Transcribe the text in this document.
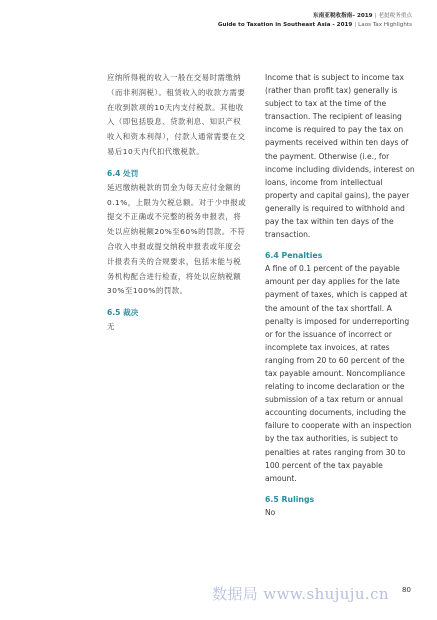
东南亚税收指南– 2019 | 老挝税务重点
Guide to Taxation in Southeast Asia - 2019 | Laos Tax Highlights

应纳所得税的收入一般在交易时需缴纳（而非利润税）。租赁收入的收款方需要在收到款项的10天内支付税款。其他收入（即包括股息、贷款利息、知识产权收入和资本利得），付款人通常需要在交易后10天内代扣代缴税款。

6.4 处罚

延迟缴纳税款的罚金为每天应付金额的0.1%，上限为欠税总额。对于少申报或提交不正确或不完整的税务申报表，将处以应纳税额20%至60%的罚款。不符合收入申报或提交纳税申报表或年度会计报表有关的合规要求，包括未能与税务机构配合进行检查，将处以应纳税额30%至100%的罚款。

6.5 裁决

无

Income that is subject to income tax (rather than profit tax) generally is subject to tax at the time of the transaction. The recipient of leasing income is required to pay the tax on payments received within ten days of the payment. Otherwise (i.e., for income including dividends, interest on loans, income from intellectual property and capital gains), the payer generally is required to withhold and pay the tax within ten days of the transaction.

6.4 Penalties

A fine of 0.1 percent of the payable amount per day applies for the late payment of taxes, which is capped at the amount of the tax shortfall. A penalty is imposed for underreporting or for the issuance of incorrect or incomplete tax invoices, at rates ranging from 20 to 60 percent of the tax payable amount. Noncompliance relating to income declaration or the submission of a tax return or annual accounting documents, including the failure to cooperate with an inspection by the tax authorities, is subject to penalties at rates ranging from 30 to 100 percent of the tax payable amount.

6.5 Rulings

No

数据局 www.shujuju.cn 80
